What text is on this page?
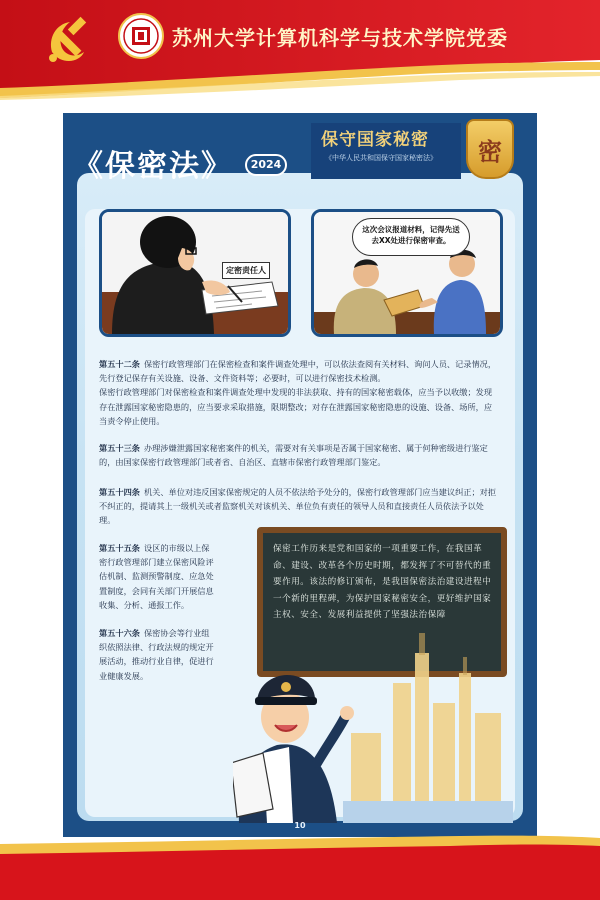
苏州大学计算机科学与技术学院党委
《保密法》	2024
保守国家秘密
《中华人民共和国保守国家秘密法》	密
定密责任人
这次会议报道材料，记得先送去XX处进行保密审查。
第五十二条 保密行政管理部门在保密检查和案件调查处理中，可以依法查阅有关材料、询问人员、记录情况，先行登记保存有关设施、设备、文件资料等；必要时，可以进行保密技术检测。
保密行政管理部门对保密检查和案件调查处理中发现的非法获取、持有的国家秘密载体，应当予以收缴；发现存在泄露国家秘密隐患的，应当要求采取措施，限期整改；对存在泄露国家秘密隐患的设施、设备、场所，应当责令停止使用。
第五十三条 办理涉嫌泄露国家秘密案件的机关，需要对有关事项是否属于国家秘密、属于何种密级进行鉴定的，由国家保密行政管理部门或者省、自治区、直辖市保密行政管理部门鉴定。
第五十四条 机关、单位对违反国家保密规定的人员不依法给予处分的，保密行政管理部门应当建议纠正；对拒不纠正的，提请其上一级机关或者监察机关对该机关、单位负有责任的领导人员和直接责任人员依法予以处理。
第五十五条 设区的市级以上保密行政管理部门建立保密风险评估机制、监测预警制度、应急处置制度，会同有关部门开展信息收集、分析、通报工作。
第五十六条 保密协会等行业组织依照法律、行政法规的规定开展活动，推动行业自律，促进行业健康发展。
保密工作历来是党和国家的一项重要工作，在我国革命、建设、改革各个历史时期，都发挥了不可替代的重要作用。该法的修订颁布，是我国保密法治建设进程中一个新的里程碑，为保护国家秘密安全，更好维护国家主权、安全、发展利益提供了坚强法治保障
10
